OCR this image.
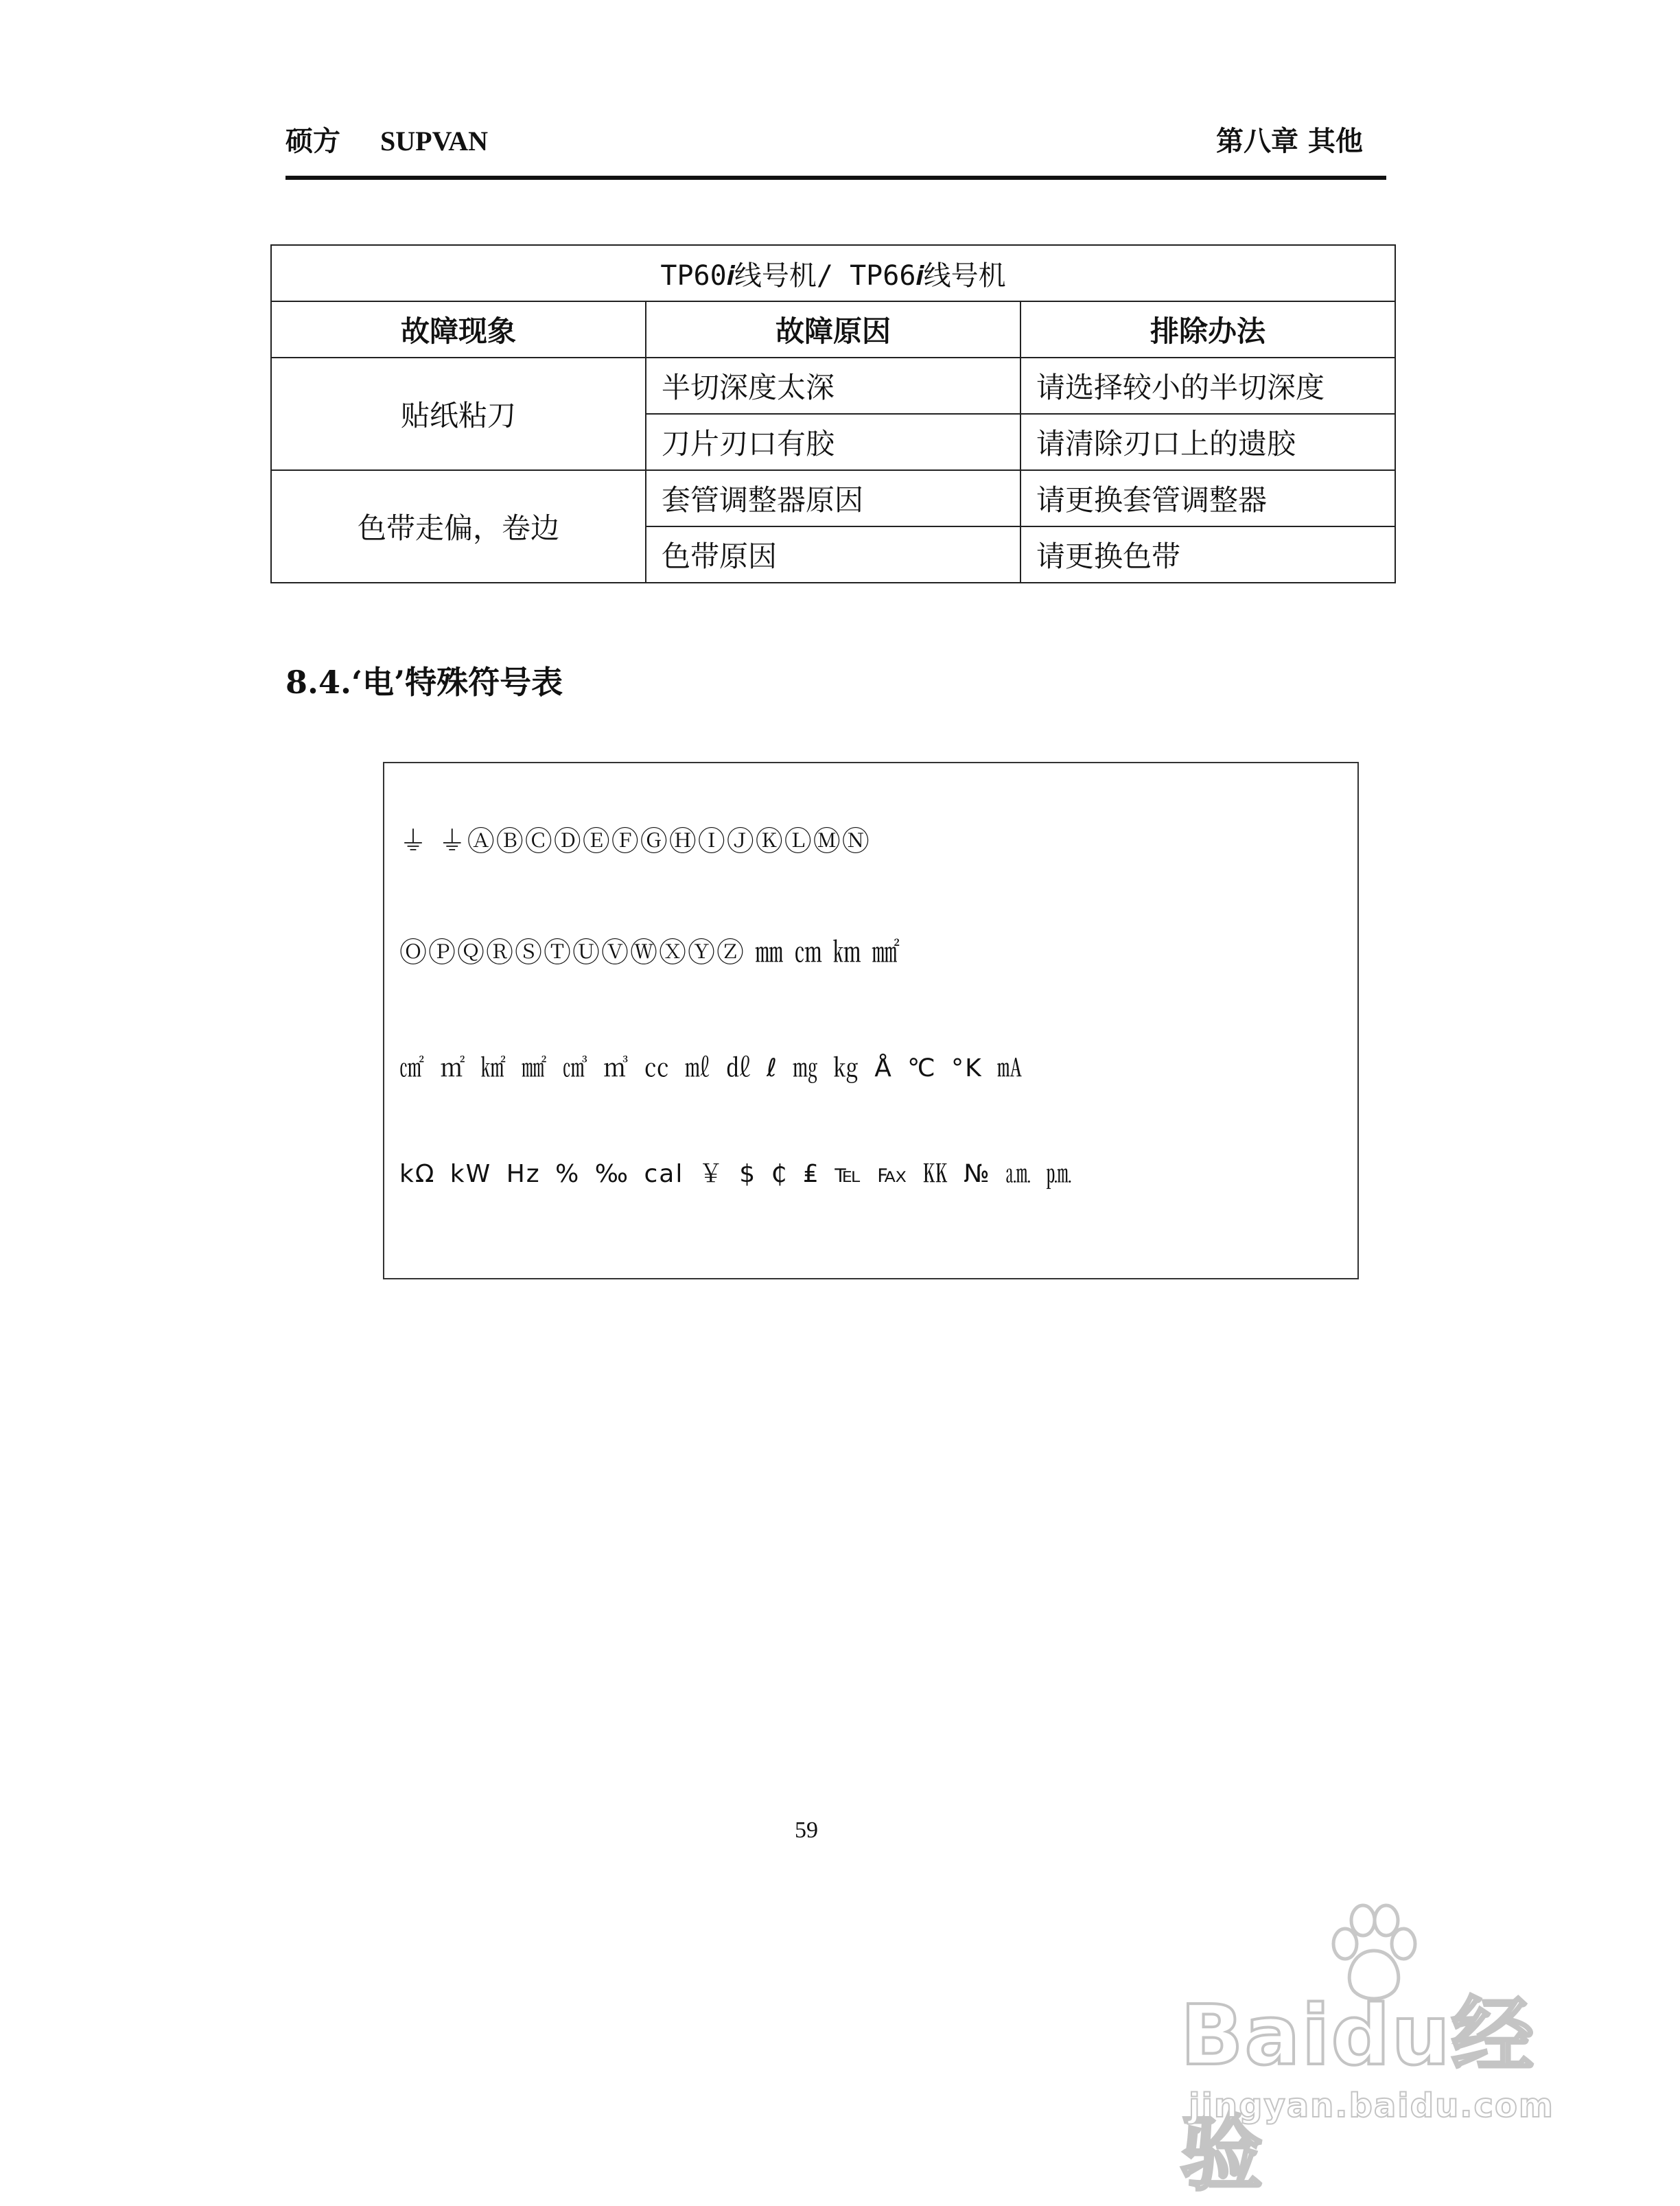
硕方 SUPVAN	第八章 其他
TP60𝒊线号机/ TP66𝒊线号机		
故障现象	故障原因	排除办法
贴纸粘刀	半切深度太深	请选择较小的半切深度
	刀片刃口有胶	请清除刃口上的遗胶
色带走偏，卷边	套管调整器原因	请更换套管调整器
	色带原因	请更换色带
8.4.‘电’特殊符号表
⏚ ⏚ⒶⒷⒸⒹⒺⒻⒼⒽⒾⒿⓀⓁⓂⓃ
ⓄⓅⓆⓇⓈⓉⓊⓋⓌⓍⓎⓏ ㎜ ㎝ ㎞ ㎟
㎠ ㎡ ㎢ ㎟ ㎤ ㎥ ㏄ ㎖ ㎗ ℓ ㎎ ㎏ Å ℃ °K ㎃
kΩ kW Hz % ‰ cal ￥ $ ₵ ₤ ℡ ℻ ㏍ № ㏂ ㏘
59
Baidu经验
jingyan.baidu.com
